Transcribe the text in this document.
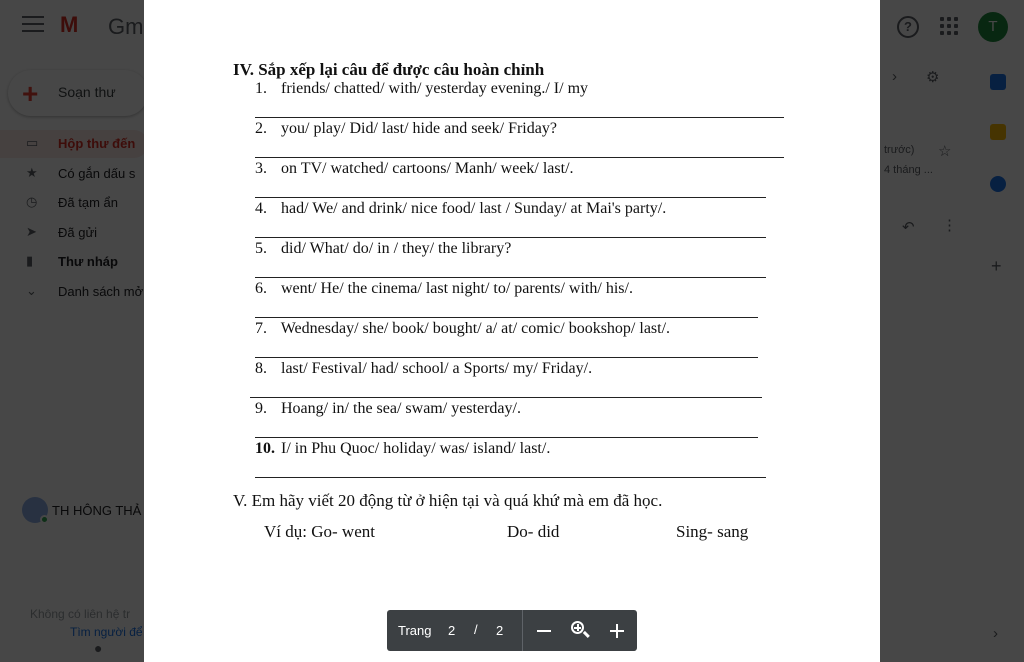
IV. Sắp xếp lại câu để được câu hoàn chỉnh
1. friends/ chatted/ with/ yesterday evening./ I/ my
2. you/ play/ Did/ last/ hide and seek/ Friday?
3. on TV/ watched/ cartoons/ Manh/ week/ last/.
4. had/ We/ and drink/ nice food/ last / Sunday/ at Mai's party/.
5. did/ What/ do/ in / they/ the library?
6. went/ He/ the cinema/ last night/ to/ parents/ with/ his/.
7. Wednesday/ she/ book/ bought/ a/ at/ comic/ bookshop/ last/.
8. last/ Festival/ had/ school/ a Sports/ my/ Friday/.
9. Hoang/ in/ the sea/ swam/ yesterday/.
10. I/ in Phu Quoc/ holiday/ was/ island/ last/.
V. Em hãy viết 20 động từ ở hiện tại và quá khứ mà em đã học.
Ví dụ: Go- went	Do- did	Sing- sang
Trang 2 / 2
